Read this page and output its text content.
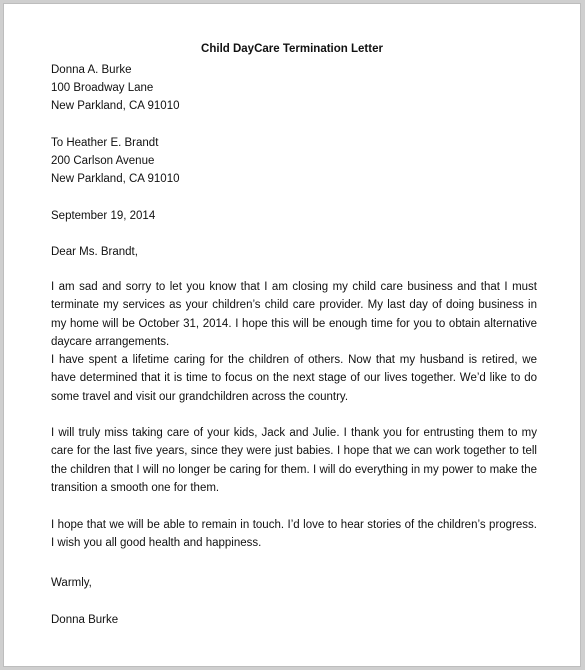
Child DayCare Termination Letter
Donna A. Burke
100 Broadway Lane
New Parkland, CA 91010
To Heather E. Brandt
200 Carlson Avenue
New Parkland, CA 91010
September 19, 2014
Dear Ms. Brandt,
I am sad and sorry to let you know that I am closing my child care business and that I must terminate my services as your children’s child care provider. My last day of doing business in my home will be October 31, 2014. I hope this will be enough time for you to obtain alternative daycare arrangements.
I have spent a lifetime caring for the children of others. Now that my husband is retired, we have determined that it is time to focus on the next stage of our lives together. We’d like to do some travel and visit our grandchildren across the country.
I will truly miss taking care of your kids, Jack and Julie. I thank you for entrusting them to my care for the last five years, since they were just babies. I hope that we can work together to tell the children that I will no longer be caring for them. I will do everything in my power to make the transition a smooth one for them.
I hope that we will be able to remain in touch. I’d love to hear stories of the children’s progress. I wish you all good health and happiness.
Warmly,
Donna Burke
